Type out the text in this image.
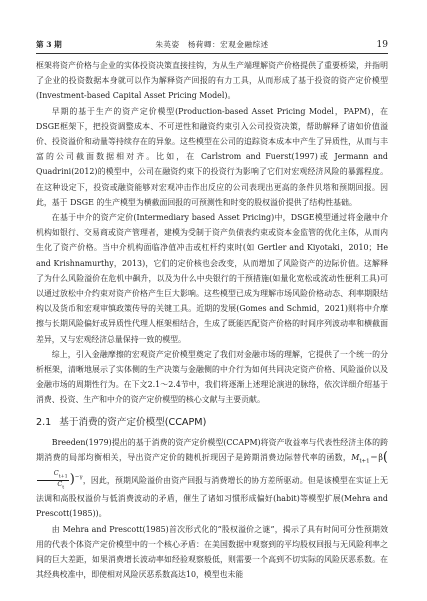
第 3 期	朱英姿　杨荷卿：宏观金融综述	19

框架将资产价格与企业的实体投资决策直接挂钩，为从生产端理解资产价格提供了重要桥梁，并指明了企业的投资数据本身就可以作为解释资产回报的有力工具，从而形成了基于投资的资产定价模型(Investment-based Capital Asset Pricing Model)。

早期的基于生产的资产定价模型(Production-based Asset Pricing Model，PAPM)，在DSGE框架下，把投资调整成本、不可逆性和融资约束引入公司投资决策，帮助解释了诸如价值溢价、投资溢价和动量等持续存在的异象。这些模型在公司的追踪资本成本中产生了异质性，从而与丰富的公司截面数据相对齐。比如，在 Carlstrom and Fuerst(1997)或 Jermann and Quadrini(2012)的模型中，公司在融资约束下的投资行为影响了它们对宏观经济风险的暴露程度。在这种设定下，投资或融资能够对宏观冲击作出反应的公司表现出更高的条件贝塔和预期回报。因此，基于 DSGE 的生产模型为横截面回报的可预测性和时变的股权溢价提供了结构性基础。

在基于中介的资产定价(Intermediary based Asset Pricing)中，DSGE模型通过将金融中介机构如银行、交易商或资产管理者，建模为受制于资产负债表约束或资本金监管的优化主体，从而内生化了资产价格。当中介机构面临净值冲击或杠杆约束时(如 Gertler and Kiyotaki，2010；He and Krishnamurthy，2013)，它们的定价核也会改变，从而增加了风险资产的边际价值。这解释了为什么风险溢价在危机中飙升，以及为什么中央银行的干预措施(如量化宽松或流动性便利工具)可以通过放松中介约束对资产价格产生巨大影响。这些模型已成为理解市场风险价格动态、利率期限结构以及货币和宏观审慎政策传导的关键工具。近期的发展(Gomes and Schmid，2021)则将中介摩擦与长期风险偏好或异质性代理人框架相结合，生成了既能匹配资产价格的时间序列波动率和横截面差异，又与宏观经济总量保持一致的模型。

综上，引入金融摩擦的宏观资产定价模型奠定了我们对金融市场的理解，它提供了一个统一的分析框架，清晰地展示了实体侧的生产决策与金融侧的中介行为如何共同决定资产价格、风险溢价以及金融市场的周期性行为。在下文2.1～2.4节中，我们将逐渐上述理论演进的脉络，依次详细介绍基于消费、投资、生产和中介的资产定价模型的核心文献与主要贡献。

2.1 基于消费的资产定价模型(CCAPM)

Breeden(1979)提出的基于消费的资产定价模型(CCAPM)将资产收益率与代表性经济主体的跨期消费的局部均衡相关，导出资产定价的随机折现因子是跨期消费边际替代率的函数，$M_{t+1}=\beta$(
$\frac{C_{t+1}}{C_t} )^{-\gamma}$，因此，预期风险溢价由资产回报与消费增长的协方差所驱动。但是该模型在实证上无法调和高股权溢价与低消费波动的矛盾，催生了诸如习惯形成偏好(habit)等模型扩展(Mehra and Prescott(1985))。

由 Mehra and Prescott(1985)首次形式化的“股权溢价之谜”，揭示了具有时间可分性预期效用的代表个体资产定价模型中的一个核心矛盾：在美国数据中观察到的平均股权回报与无风险利率之间的巨大差距，如果消费增长波动率如经验观察般低，则需要一个高到不切实际的风险厌恶系数。在其经典校准中，即使相对风险厌恶系数高达10，模型也未能
